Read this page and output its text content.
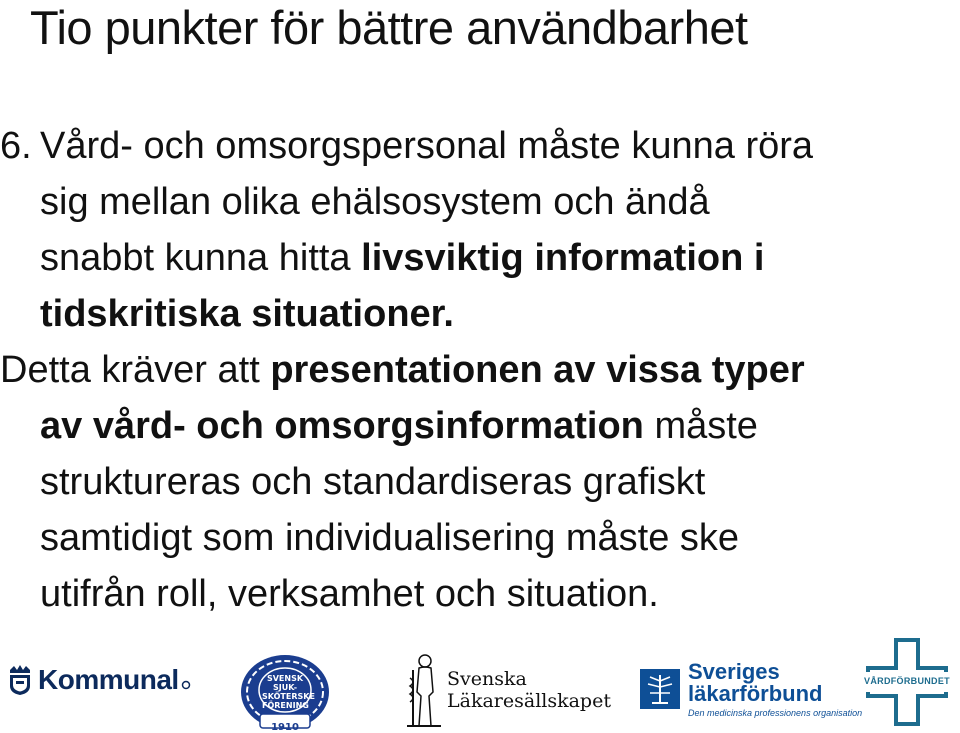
Tio punkter för bättre användbarhet
6. Vård- och omsorgspersonal måste kunna röra
sig mellan olika ehälsosystem och ändå
snabbt kunna hitta livsviktig information i
tidskritiska situationer.
Detta kräver att presentationen av vissa typer
av vård- och omsorgsinformation måste
struktureras och standardiseras grafiskt
samtidigt som individualisering måste ske
utifrån roll, verksamhet och situation.
Kommunal	SVENSK
SJUK-
SKÖTERSKE
FÖRENING
1910
Svenska
Läkaresällskapet
Sveriges
läkarförbund
Den medicinska professionens organisation
VÅRDFÖRBUNDET
